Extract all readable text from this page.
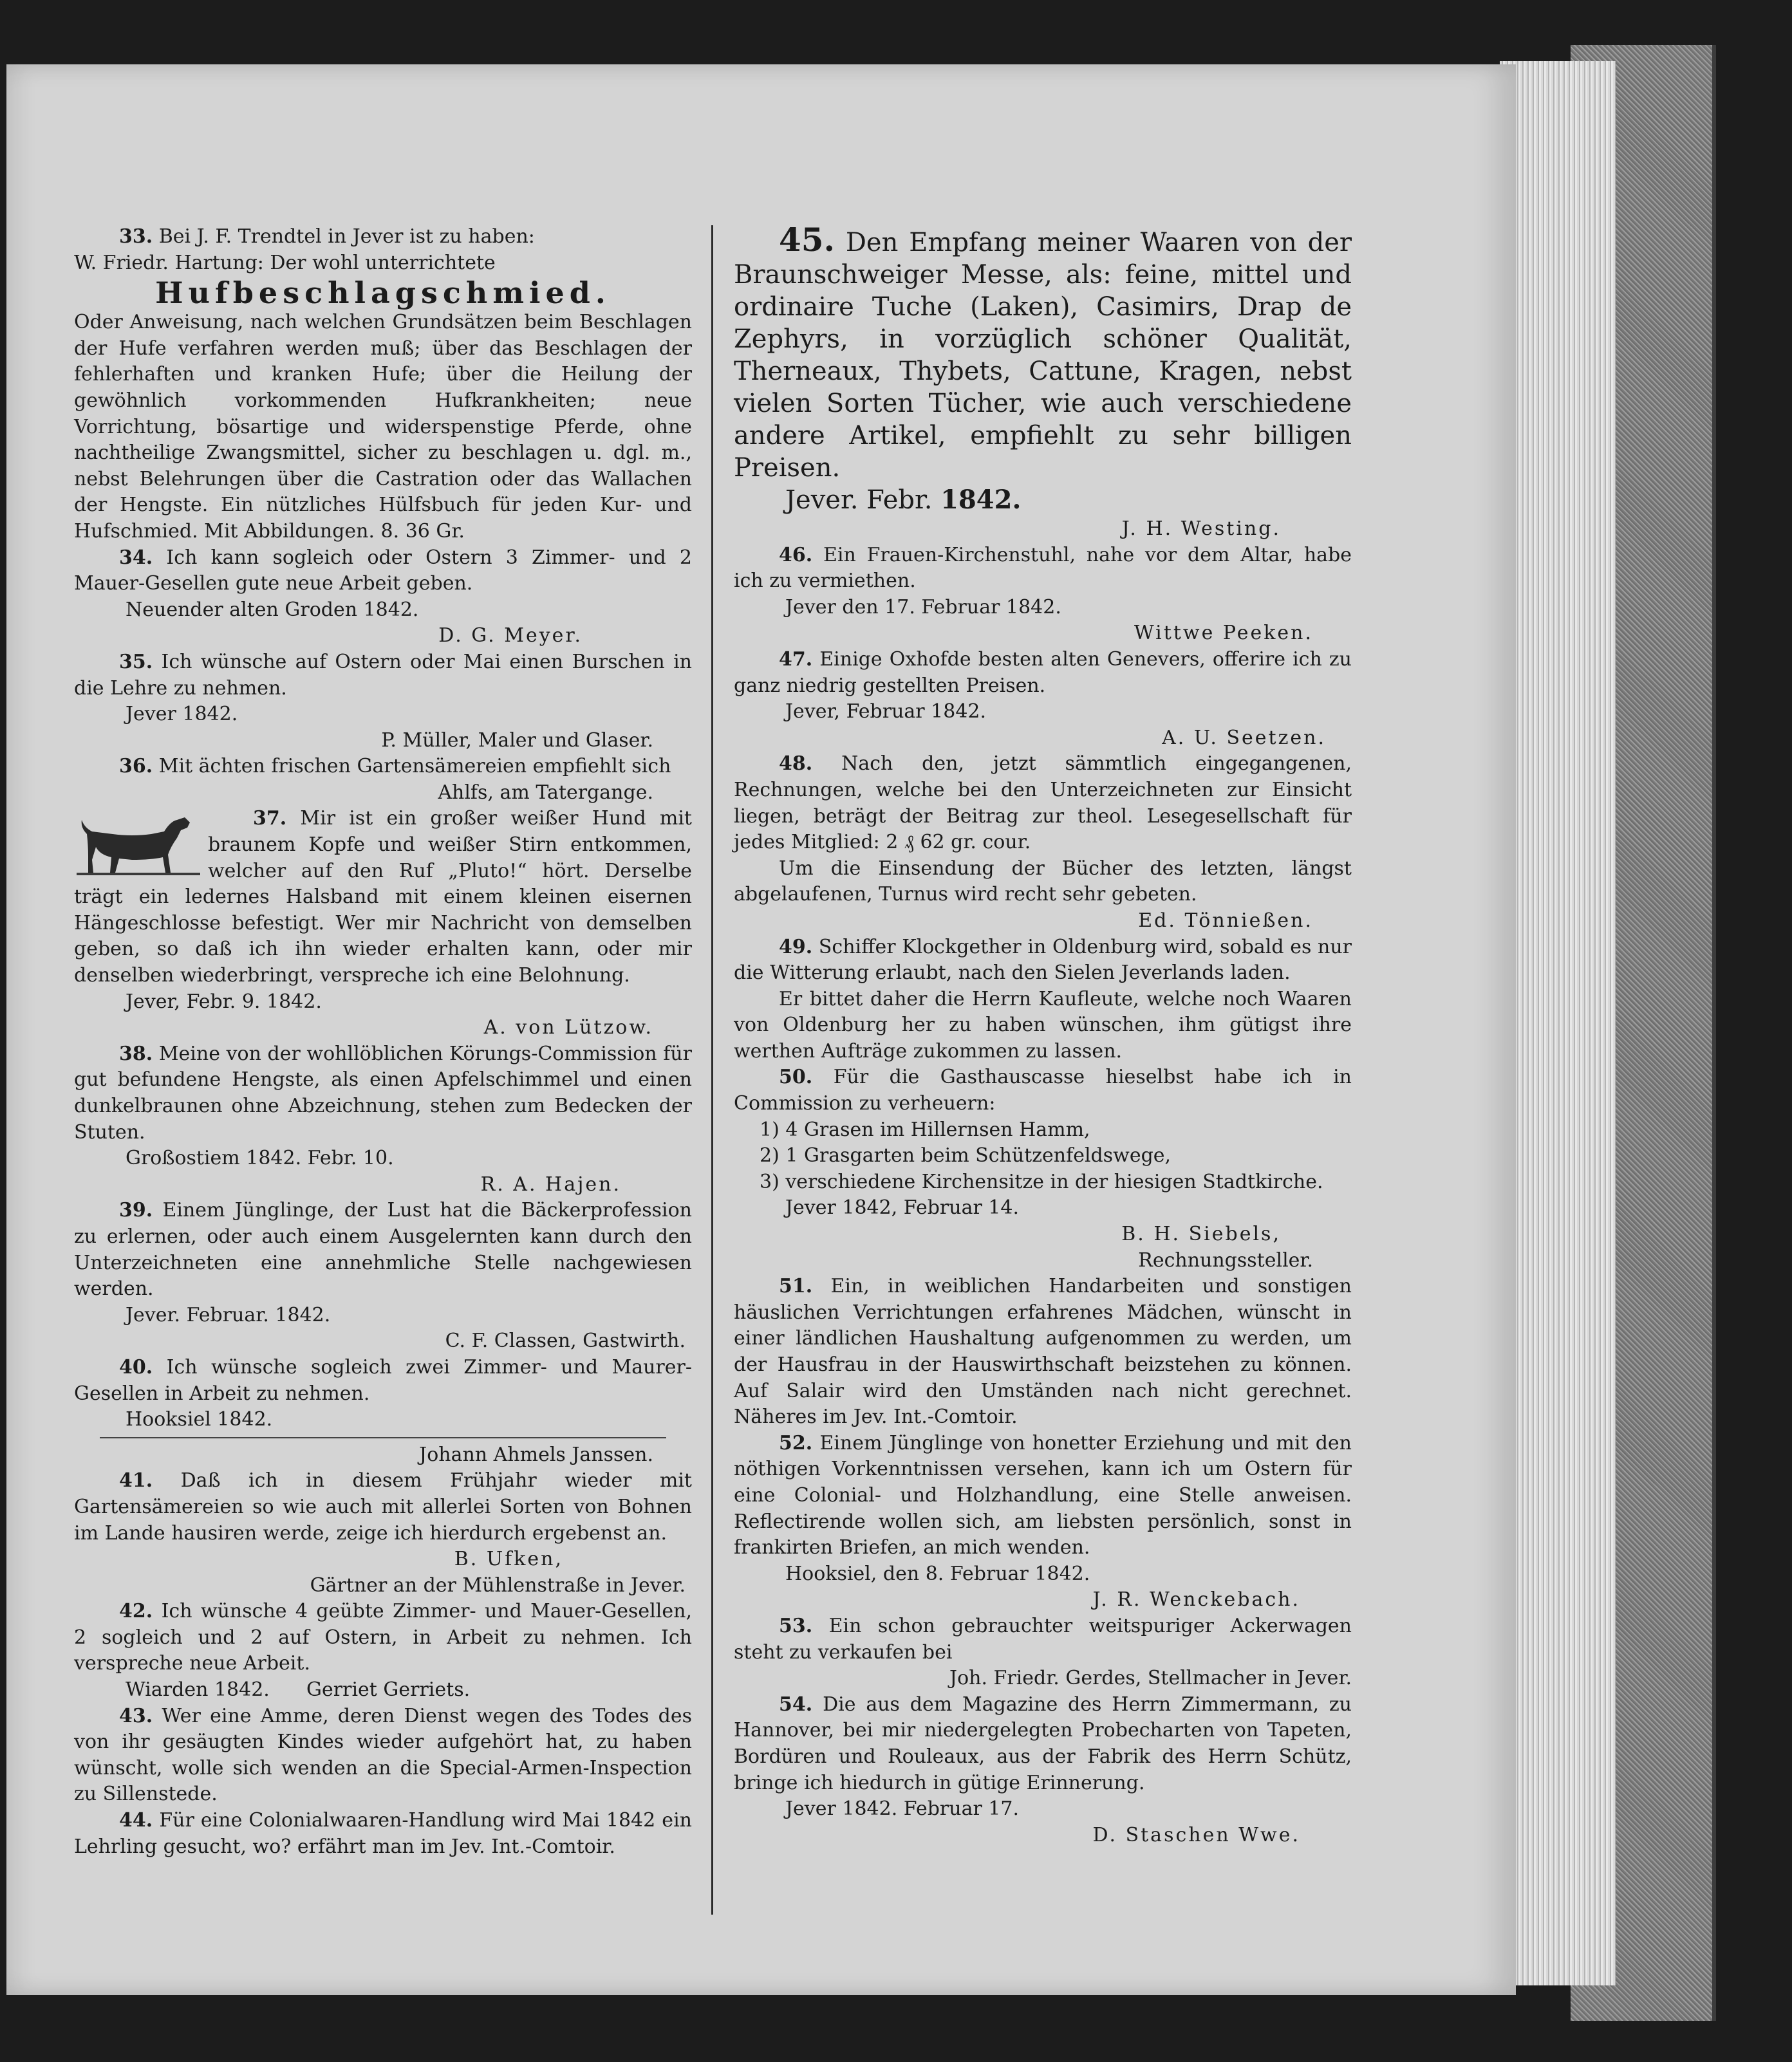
33. Bei J. F. Trendtel in Jever ist zu haben:

W. Friedr. Hartung: Der wohl unterrichtete

Hufbeschlagschmied.

Oder Anweisung, nach welchen Grundsätzen beim Beschlagen der Hufe verfahren werden muß; über das Beschlagen der fehlerhaften und kranken Hufe; über die Heilung der gewöhnlich vorkommenden Hufkrankheiten; neue Vorrichtung, bösartige und widerspenstige Pferde, ohne nachtheilige Zwangsmittel, sicher zu beschlagen u. dgl. m., nebst Belehrungen über die Castration oder das Wallachen der Hengste. Ein nützliches Hülfsbuch für jeden Kur- und Hufschmied. Mit Abbildungen. 8. 36 Gr.

34. Ich kann sogleich oder Ostern 3 Zimmer- und 2 Mauer-Gesellen gute neue Arbeit geben.

Neuender alten Groden 1842.

D. G. Meyer.

35. Ich wünsche auf Ostern oder Mai einen Burschen in die Lehre zu nehmen.

Jever 1842.

P. Müller, Maler und Glaser.

36. Mit ächten frischen Gartensämereien empfiehlt sich

Ahlfs, am Tatergange.

37. Mir ist ein großer weißer Hund mit braunem Kopfe und weißer Stirn entkommen, welcher auf den Ruf „Pluto!“ hört. Derselbe trägt ein ledernes Halsband mit einem kleinen eisernen Hängeschlosse befestigt. Wer mir Nachricht von demselben geben, so daß ich ihn wieder erhalten kann, oder mir denselben wiederbringt, verspreche ich eine Belohnung.

Jever, Febr. 9. 1842.

A. von Lützow.

38. Meine von der wohllöblichen Körungs-Commission für gut befundene Hengste, als einen Apfelschimmel und einen dunkelbraunen ohne Abzeichnung, stehen zum Bedecken der Stuten.

Großostiem 1842. Febr. 10.

R. A. Hajen.

39. Einem Jünglinge, der Lust hat die Bäckerprofession zu erlernen, oder auch einem Ausgelernten kann durch den Unterzeichneten eine annehmliche Stelle nachgewiesen werden.

Jever. Februar. 1842.

C. F. Classen, Gastwirth.

40. Ich wünsche sogleich zwei Zimmer- und Maurer-Gesellen in Arbeit zu nehmen.

Hooksiel 1842.

Johann Ahmels Janssen.

41. Daß ich in diesem Frühjahr wieder mit Gartensämereien so wie auch mit allerlei Sorten von Bohnen im Lande hausiren werde, zeige ich hierdurch ergebenst an.

B. Ufken,

Gärtner an der Mühlenstraße in Jever.

42. Ich wünsche 4 geübte Zimmer- und Mauer-Gesellen, 2 sogleich und 2 auf Ostern, in Arbeit zu nehmen. Ich verspreche neue Arbeit.

Wiarden 1842. Gerriet Gerriets.

43. Wer eine Amme, deren Dienst wegen des Todes des von ihr gesäugten Kindes wieder aufgehört hat, zu haben wünscht, wolle sich wenden an die Special-Armen-Inspection zu Sillenstede.

44. Für eine Colonialwaaren-Handlung wird Mai 1842 ein Lehrling gesucht, wo? erfährt man im Jev. Int.-Comtoir.

45. Den Empfang meiner Waaren von der Braunschweiger Messe, als: feine, mittel und ordinaire Tuche (Laken), Casimirs, Drap de Zephyrs, in vorzüglich schöner Qualität, Therneaux, Thybets, Cattune, Kragen, nebst vielen Sorten Tücher, wie auch verschiedene andere Artikel, empfiehlt zu sehr billigen Preisen.

Jever. Febr. 1842.

J. H. Westing.

46. Ein Frauen-Kirchenstuhl, nahe vor dem Altar, habe ich zu vermiethen.

Jever den 17. Februar 1842.

Wittwe Peeken.

47. Einige Oxhofde besten alten Genevers, offerire ich zu ganz niedrig gestellten Preisen.

Jever, Februar 1842.

A. U. Seetzen.

48. Nach den, jetzt sämmtlich eingegangenen, Rechnungen, welche bei den Unterzeichneten zur Einsicht liegen, beträgt der Beitrag zur theol. Lesegesellschaft für jedes Mitglied: 2 ₰ 62 gr. cour.

Um die Einsendung der Bücher des letzten, längst abgelaufenen, Turnus wird recht sehr gebeten.

Ed. Tönnießen.

49. Schiffer Klockgether in Oldenburg wird, sobald es nur die Witterung erlaubt, nach den Sielen Jeverlands laden.

Er bittet daher die Herrn Kaufleute, welche noch Waaren von Oldenburg her zu haben wünschen, ihm gütigst ihre werthen Aufträge zukommen zu lassen.

50. Für die Gasthauscasse hieselbst habe ich in Commission zu verheuern:

1) 4 Grasen im Hillernsen Hamm,

2) 1 Grasgarten beim Schützenfeldswege,

3) verschiedene Kirchensitze in der hiesigen Stadtkirche.

Jever 1842, Februar 14.

B. H. Siebels,

Rechnungssteller.

51. Ein, in weiblichen Handarbeiten und sonstigen häuslichen Verrichtungen erfahrenes Mädchen, wünscht in einer ländlichen Haushaltung aufgenommen zu werden, um der Hausfrau in der Hauswirthschaft beizstehen zu können. Auf Salair wird den Umständen nach nicht gerechnet. Näheres im Jev. Int.-Comtoir.

52. Einem Jünglinge von honetter Erziehung und mit den nöthigen Vorkenntnissen versehen, kann ich um Ostern für eine Colonial- und Holzhandlung, eine Stelle anweisen. Reflectirende wollen sich, am liebsten persönlich, sonst in frankirten Briefen, an mich wenden.

Hooksiel, den 8. Februar 1842.

J. R. Wenckebach.

53. Ein schon gebrauchter weitspuriger Ackerwagen steht zu verkaufen bei

Joh. Friedr. Gerdes, Stellmacher in Jever.

54. Die aus dem Magazine des Herrn Zimmermann, zu Hannover, bei mir niedergelegten Probecharten von Tapeten, Bordüren und Rouleaux, aus der Fabrik des Herrn Schütz, bringe ich hiedurch in gütige Erinnerung.

Jever 1842. Februar 17.

D. Staschen Wwe.
